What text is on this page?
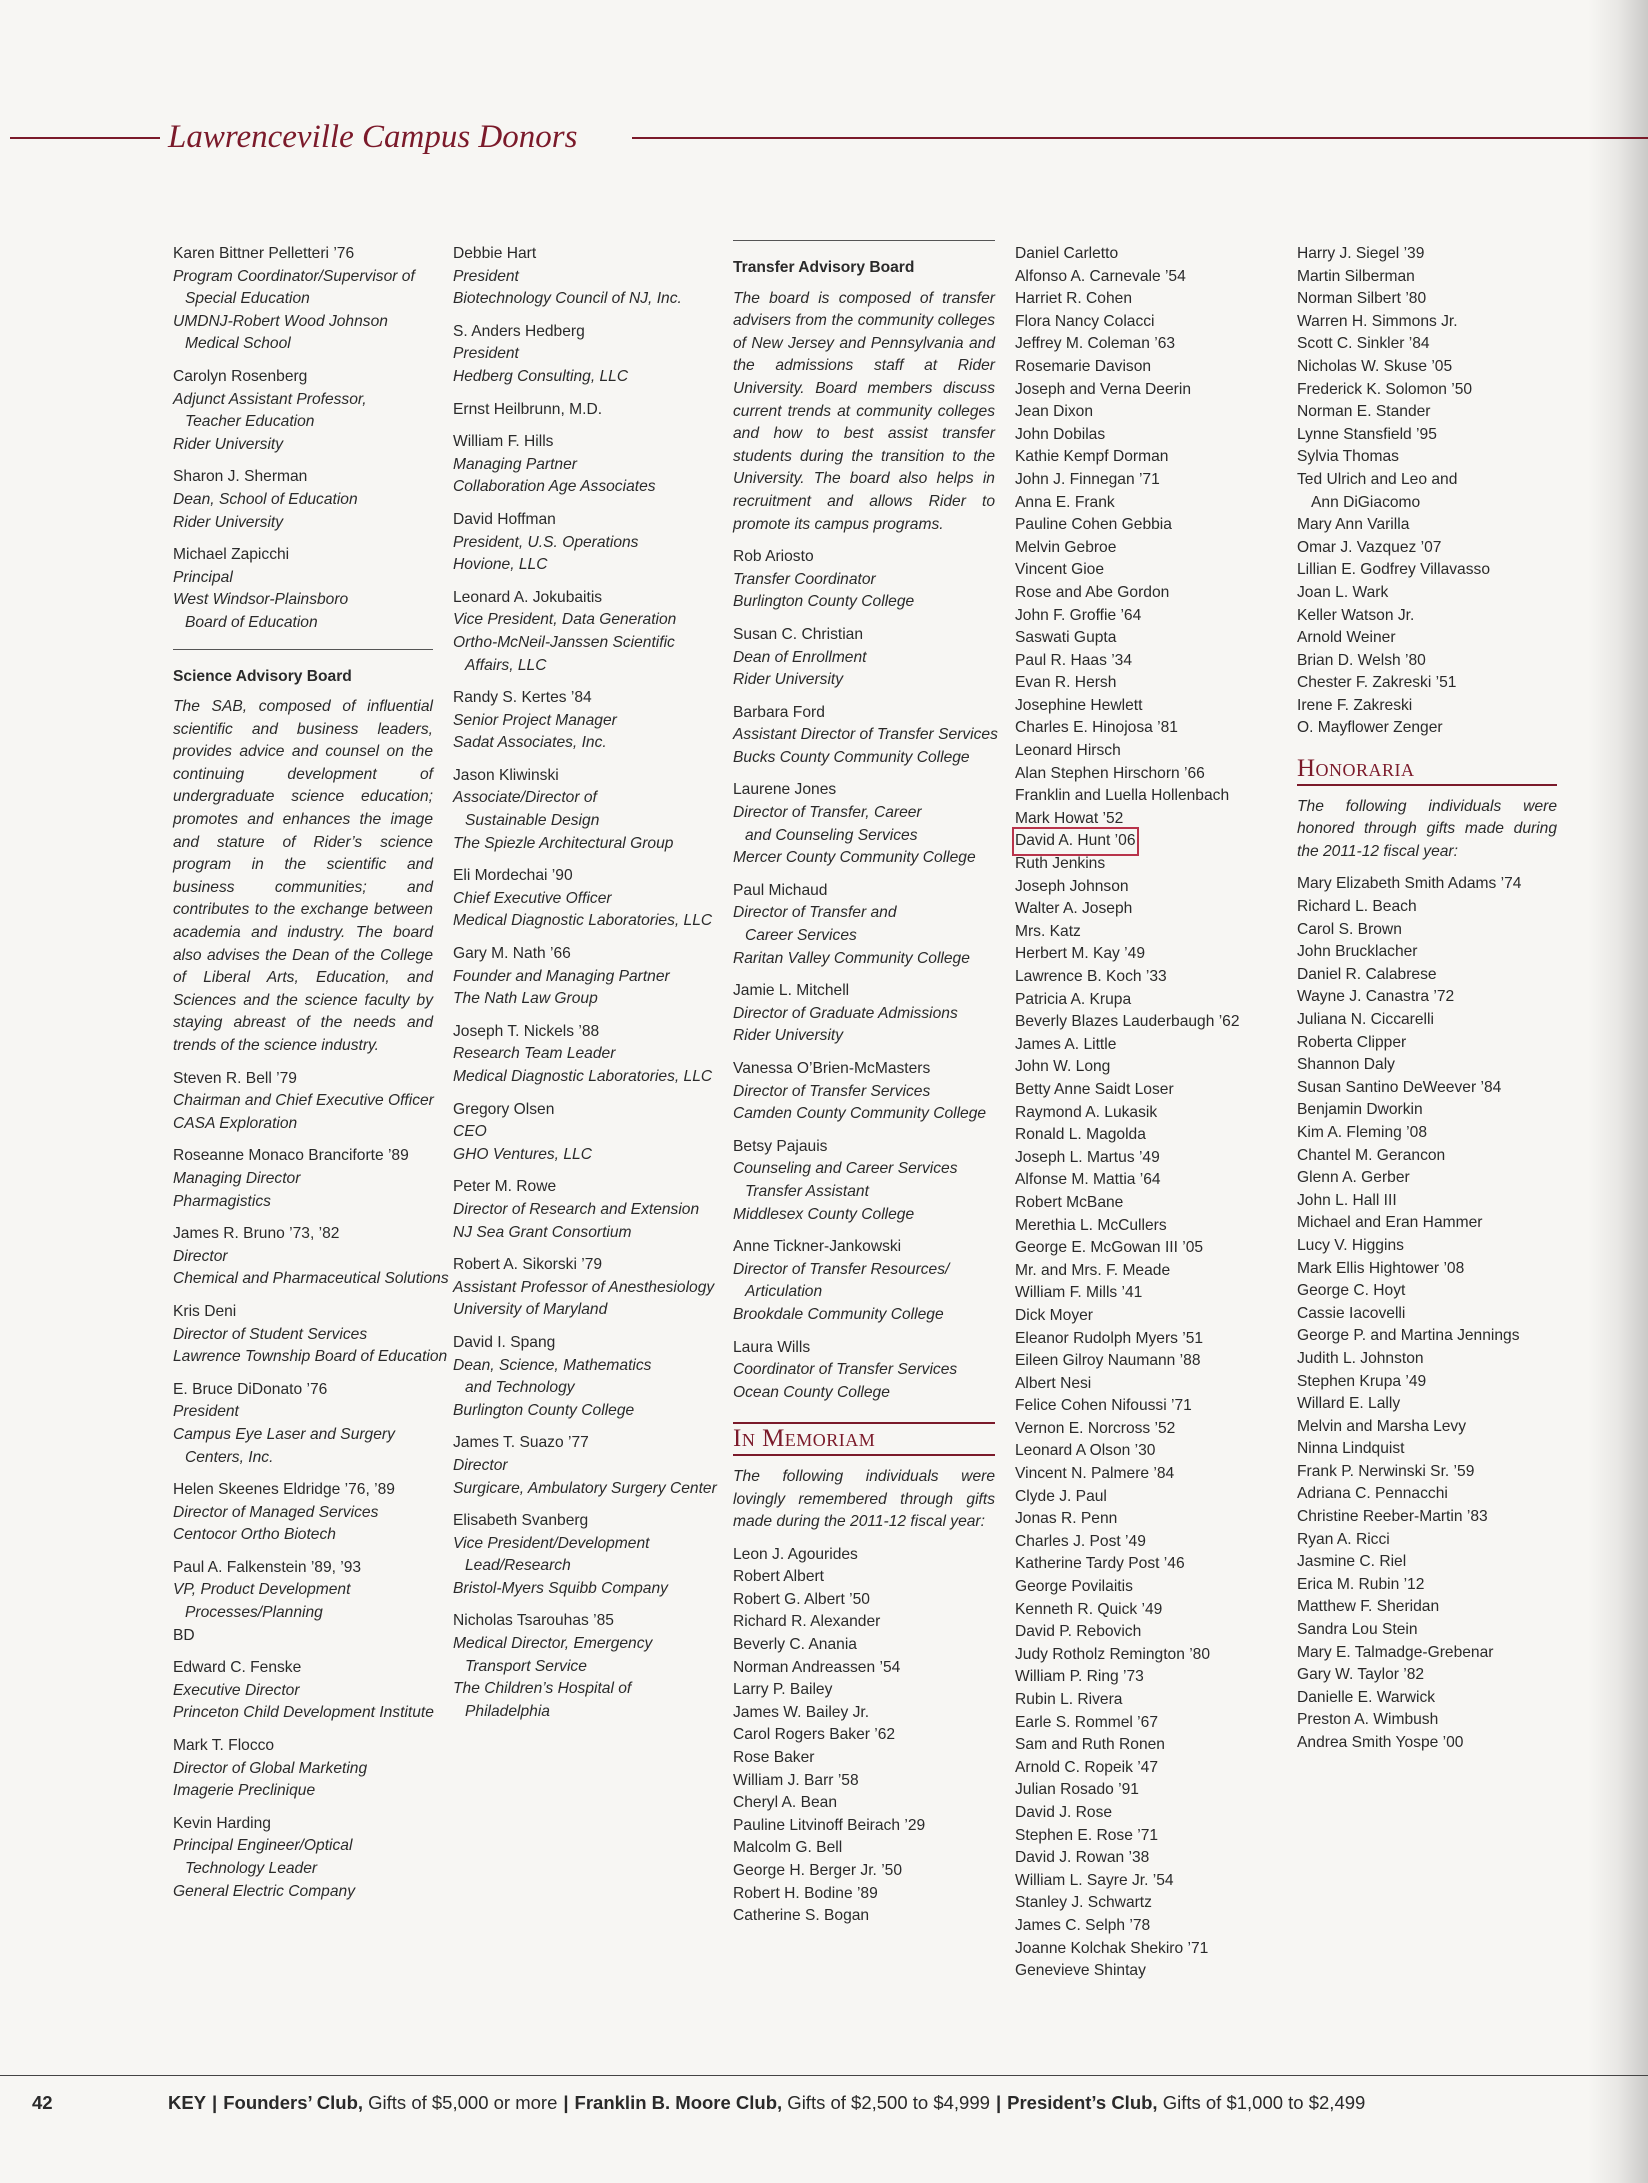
Lawrenceville Campus Donors
Karen Bittner Pelletteri ’76
Program Coordinator/Supervisor of
Special Education
UMDNJ-Robert Wood Johnson
Medical School
Carolyn Rosenberg
Adjunct Assistant Professor,
Teacher Education
Rider University
Sharon J. Sherman
Dean, School of Education
Rider University
Michael Zapicchi
Principal
West Windsor-Plainsboro
Board of Education
Science Advisory Board
The SAB, composed of influential scientific and business leaders, provides advice and counsel on the continuing development of undergraduate science education; promotes and enhances the image and stature of Rider’s science program in the scientific and business communities; and contributes to the exchange between academia and industry. The board also advises the Dean of the College of Liberal Arts, Education, and Sciences and the science faculty by staying abreast of the needs and trends of the science industry.
Steven R. Bell ’79
Chairman and Chief Executive Officer
CASA Exploration
Roseanne Monaco Branciforte ’89
Managing Director
Pharmagistics
James R. Bruno ’73, ’82
Director
Chemical and Pharmaceutical Solutions
Kris Deni
Director of Student Services
Lawrence Township Board of Education
E. Bruce DiDonato ’76
President
Campus Eye Laser and Surgery
Centers, Inc.
Helen Skeenes Eldridge ’76, ’89
Director of Managed Services
Centocor Ortho Biotech
Paul A. Falkenstein ’89, ’93
VP, Product Development
Processes/Planning
BD
Edward C. Fenske
Executive Director
Princeton Child Development Institute
Mark T. Flocco
Director of Global Marketing
Imagerie Preclinique
Kevin Harding
Principal Engineer/Optical
Technology Leader
General Electric Company
Debbie Hart
President
Biotechnology Council of NJ, Inc.
S. Anders Hedberg
President
Hedberg Consulting, LLC
Ernst Heilbrunn, M.D.
William F. Hills
Managing Partner
Collaboration Age Associates
David Hoffman
President, U.S. Operations
Hovione, LLC
Leonard A. Jokubaitis
Vice President, Data Generation
Ortho-McNeil-Janssen Scientific
Affairs, LLC
Randy S. Kertes ’84
Senior Project Manager
Sadat Associates, Inc.
Jason Kliwinski
Associate/Director of
Sustainable Design
The Spiezle Architectural Group
Eli Mordechai ’90
Chief Executive Officer
Medical Diagnostic Laboratories, LLC
Gary M. Nath ’66
Founder and Managing Partner
The Nath Law Group
Joseph T. Nickels ’88
Research Team Leader
Medical Diagnostic Laboratories, LLC
Gregory Olsen
CEO
GHO Ventures, LLC
Peter M. Rowe
Director of Research and Extension
NJ Sea Grant Consortium
Robert A. Sikorski ’79
Assistant Professor of Anesthesiology
University of Maryland
David I. Spang
Dean, Science, Mathematics
and Technology
Burlington County College
James T. Suazo ’77
Director
Surgicare, Ambulatory Surgery Center
Elisabeth Svanberg
Vice President/Development
Lead/Research
Bristol-Myers Squibb Company
Nicholas Tsarouhas ’85
Medical Director, Emergency
Transport Service
The Children’s Hospital of
Philadelphia
Transfer Advisory Board
The board is composed of transfer advisers from the community colleges of New Jersey and Pennsylvania and the admissions staff at Rider University. Board members discuss current trends at community colleges and how to best assist transfer students during the transition to the University. The board also helps in recruitment and allows Rider to promote its campus programs.
Rob Ariosto
Transfer Coordinator
Burlington County College
Susan C. Christian
Dean of Enrollment
Rider University
Barbara Ford
Assistant Director of Transfer Services
Bucks County Community College
Laurene Jones
Director of Transfer, Career
and Counseling Services
Mercer County Community College
Paul Michaud
Director of Transfer and
Career Services
Raritan Valley Community College
Jamie L. Mitchell
Director of Graduate Admissions
Rider University
Vanessa O’Brien-McMasters
Director of Transfer Services
Camden County Community College
Betsy Pajauis
Counseling and Career Services
Transfer Assistant
Middlesex County College
Anne Tickner-Jankowski
Director of Transfer Resources/
Articulation
Brookdale Community College
Laura Wills
Coordinator of Transfer Services
Ocean County College
In Memoriam
The following individuals were lovingly remembered through gifts made during the 2011-12 fiscal year:
Leon J. Agourides
Robert Albert
Robert G. Albert ’50
Richard R. Alexander
Beverly C. Anania
Norman Andreassen ’54
Larry P. Bailey
James W. Bailey Jr.
Carol Rogers Baker ’62
Rose Baker
William J. Barr ’58
Cheryl A. Bean
Pauline Litvinoff Beirach ’29
Malcolm G. Bell
George H. Berger Jr. ’50
Robert H. Bodine ’89
Catherine S. Bogan
Daniel Carletto
Alfonso A. Carnevale ’54
Harriet R. Cohen
Flora Nancy Colacci
Jeffrey M. Coleman ’63
Rosemarie Davison
Joseph and Verna Deerin
Jean Dixon
John Dobilas
Kathie Kempf Dorman
John J. Finnegan ’71
Anna E. Frank
Pauline Cohen Gebbia
Melvin Gebroe
Vincent Gioe
Rose and Abe Gordon
John F. Groffie ’64
Saswati Gupta
Paul R. Haas ’34
Evan R. Hersh
Josephine Hewlett
Charles E. Hinojosa ’81
Leonard Hirsch
Alan Stephen Hirschorn ’66
Franklin and Luella Hollenbach
Mark Howat ’52
David A. Hunt ’06

Ruth Jenkins
Joseph Johnson
Walter A. Joseph
Mrs. Katz
Herbert M. Kay ’49
Lawrence B. Koch ’33
Patricia A. Krupa
Beverly Blazes Lauderbaugh ’62
James A. Little
John W. Long
Betty Anne Saidt Loser
Raymond A. Lukasik
Ronald L. Magolda
Joseph L. Martus ’49
Alfonse M. Mattia ’64
Robert McBane
Merethia L. McCullers
George E. McGowan III ’05
Mr. and Mrs. F. Meade
William F. Mills ’41
Dick Moyer
Eleanor Rudolph Myers ’51
Eileen Gilroy Naumann ’88
Albert Nesi
Felice Cohen Nifoussi ’71
Vernon E. Norcross ’52
Leonard A Olson ’30
Vincent N. Palmere ’84
Clyde J. Paul
Jonas R. Penn
Charles J. Post ’49
Katherine Tardy Post ’46
George Povilaitis
Kenneth R. Quick ’49
David P. Rebovich
Judy Rotholz Remington ’80
William P. Ring ’73
Rubin L. Rivera
Earle S. Rommel ’67
Sam and Ruth Ronen
Arnold C. Ropeik ’47
Julian Rosado ’91
David J. Rose
Stephen E. Rose ’71
David J. Rowan ’38
William L. Sayre Jr. ’54
Stanley J. Schwartz
James C. Selph ’78
Joanne Kolchak Shekiro ’71
Genevieve Shintay
Harry J. Siegel ’39
Martin Silberman
Norman Silbert ’80
Warren H. Simmons Jr.
Scott C. Sinkler ’84
Nicholas W. Skuse ’05
Frederick K. Solomon ’50
Norman E. Stander
Lynne Stansfield ’95
Sylvia Thomas
Ted Ulrich and Leo and
Ann DiGiacomo
Mary Ann Varilla
Omar J. Vazquez ’07
Lillian E. Godfrey Villavasso
Joan L. Wark
Keller Watson Jr.
Arnold Weiner
Brian D. Welsh ’80
Chester F. Zakreski ’51
Irene F. Zakreski
O. Mayflower Zenger
Honoraria
The following individuals were honored through gifts made during the 2011-12 fiscal year:
Mary Elizabeth Smith Adams ’74
Richard L. Beach
Carol S. Brown
John Brucklacher
Daniel R. Calabrese
Wayne J. Canastra ’72
Juliana N. Ciccarelli
Roberta Clipper
Shannon Daly
Susan Santino DeWeever ’84
Benjamin Dworkin
Kim A. Fleming ’08
Chantel M. Gerancon
Glenn A. Gerber
John L. Hall III
Michael and Eran Hammer
Lucy V. Higgins
Mark Ellis Hightower ’08
George C. Hoyt
Cassie Iacovelli
George P. and Martina Jennings
Judith L. Johnston
Stephen Krupa ’49
Willard E. Lally
Melvin and Marsha Levy
Ninna Lindquist
Frank P. Nerwinski Sr. ’59
Adriana C. Pennacchi
Christine Reeber-Martin ’83
Ryan A. Ricci
Jasmine C. Riel
Erica M. Rubin ’12
Matthew F. Sheridan
Sandra Lou Stein
Mary E. Talmadge-Grebenar
Gary W. Taylor ’82
Danielle E. Warwick
Preston A. Wimbush
Andrea Smith Yospe ’00
42	KEY | Founders’ Club, Gifts of $5,000 or more | Franklin B. Moore Club, Gifts of $2,500 to $4,999 | President’s Club, Gifts of $1,000 to $2,499
